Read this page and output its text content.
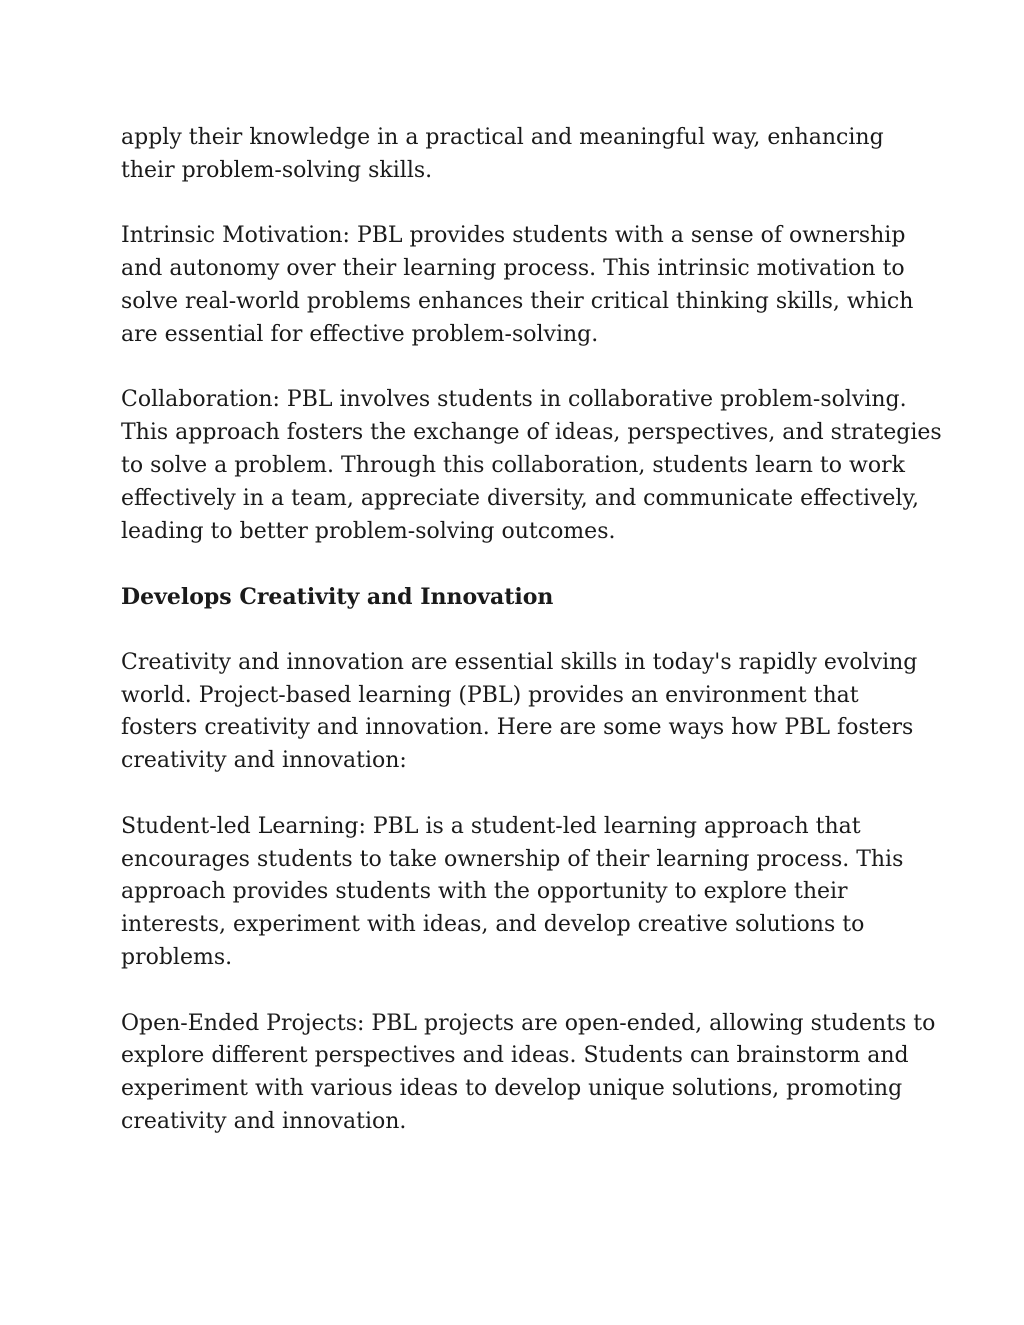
apply their knowledge in a practical and meaningful way, enhancing
their problem-solving skills.

Intrinsic Motivation: PBL provides students with a sense of ownership
and autonomy over their learning process. This intrinsic motivation to
solve real-world problems enhances their critical thinking skills, which
are essential for effective problem-solving.

Collaboration: PBL involves students in collaborative problem-solving.
This approach fosters the exchange of ideas, perspectives, and strategies
to solve a problem. Through this collaboration, students learn to work
effectively in a team, appreciate diversity, and communicate effectively,
leading to better problem-solving outcomes.

Develops Creativity and Innovation

Creativity and innovation are essential skills in today's rapidly evolving
world. Project-based learning (PBL) provides an environment that
fosters creativity and innovation. Here are some ways how PBL fosters
creativity and innovation:

Student-led Learning: PBL is a student-led learning approach that
encourages students to take ownership of their learning process. This
approach provides students with the opportunity to explore their
interests, experiment with ideas, and develop creative solutions to
problems.

Open-Ended Projects: PBL projects are open-ended, allowing students to
explore different perspectives and ideas. Students can brainstorm and
experiment with various ideas to develop unique solutions, promoting
creativity and innovation.
